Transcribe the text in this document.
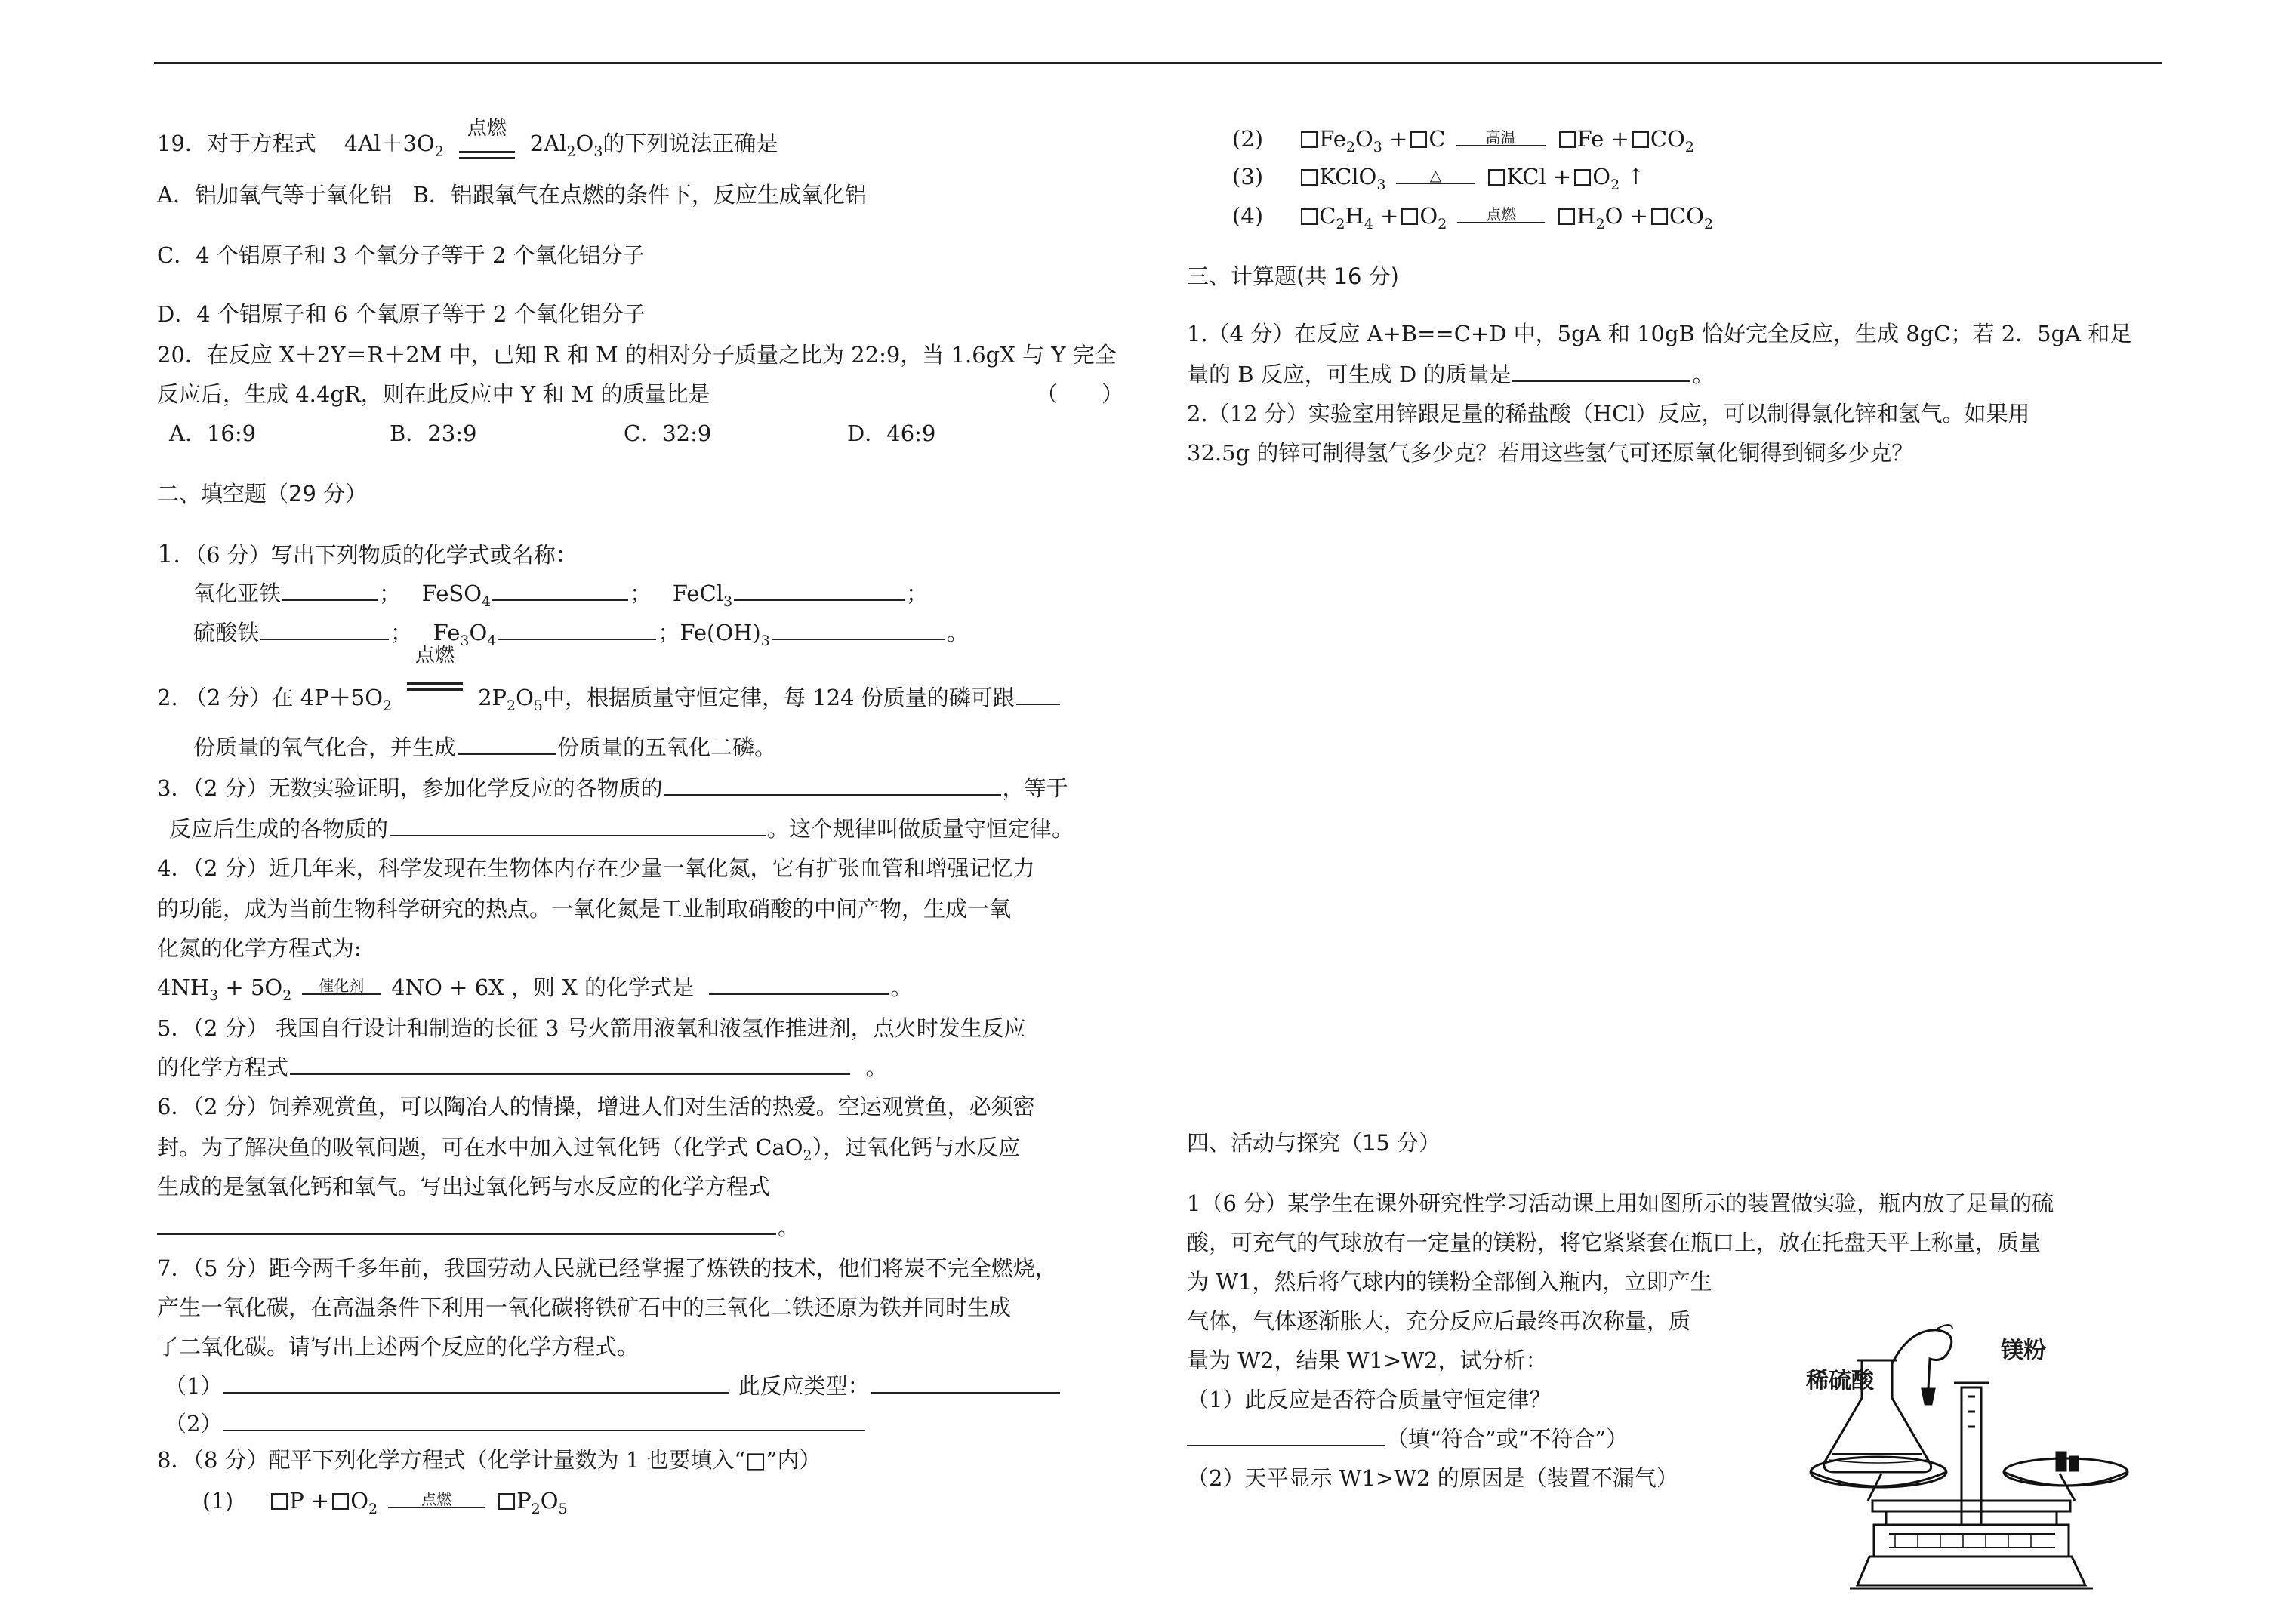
19．对于方程式 $4Al+3O_2$
点燃
$2Al_2O_3$的下列说法正确是
A．铝加氧气等于氧化铝 B．铝跟氧气在点燃的条件下，反应生成氧化铝
C．4 个铝原子和 3 个氧分子等于 2 个氧化铝分子
D．4 个铝原子和 6 个氧原子等于 2 个氧化铝分子
20．在反应 X＋2Y＝R＋2M 中，已知 R 和 M 的相对分子质量之比为 22:9，当 1.6gX 与 Y 完全
反应后，生成 4.4gR，则在此反应中 Y 和 M 的质量比是	（　　）
A．16:9	B．23:9	C．32:9	D．46:9
二、填空题（29 分）
1．（6 分）写出下列物质的化学式或名称：
氧化亚铁	；   FeSO$_4$	；   FeCl$_3$	；
硫酸铁	；   $Fe_3O_4$	；$Fe(OH)_3$	。
2. （2 分）在 $4P+5O_2$
点燃
$2P_2O_5$中，根据质量守恒定律，每 124 份质量的磷可跟
份质量的氧气化合，并生成	份质量的五氧化二磷。
3．（2 分）无数实验证明，参加化学反应的各物质的	，等于
反应后生成的各物质的	。这个规律叫做质量守恒定律。
4．（2 分）近几年来，科学发现在生物体内存在少量一氧化氮，它有扩张血管和增强记忆力
的功能，成为当前生物科学研究的热点。一氧化氮是工业制取硝酸的中间产物，生成一氧
化氮的化学方程式为:
$4NH_3 + 5O_2$
催化剂	4NO + 6X ，则 X 的化学式是	。
5．（2 分） 我国自行设计和制造的长征 3 号火箭用液氧和液氢作推进剂，点火时发生反应
的化学方程式	。
6．（2 分）饲养观赏鱼，可以陶冶人的情操，增进人们对生活的热爱。空运观赏鱼，必须密
封。为了解决鱼的吸氧问题，可在水中加入过氧化钙（化学式 CaO$_2$），过氧化钙与水反应
生成的是氢氧化钙和氧气。写出过氧化钙与水反应的化学方程式
。
7．（5 分）距今两千多年前，我国劳动人民就已经掌握了炼铁的技术，他们将炭不完全燃烧，
产生一氧化碳，在高温条件下利用一氧化碳将铁矿石中的三氧化二铁还原为铁并同时生成
了二氧化碳。请写出上述两个反应的化学方程式。
（1）	此反应类型：
（2）
8．（8 分）配平下列化学方程式（化学计量数为 1 也要填入“□”内）
(1)	$P + O_2$
点燃	$P_2O_5$
(2)	$Fe_2O_3 + C$	高温	$Fe + CO_2$
(3)	KClO$_3$
△	KCl + $O_2$ ↑
(4)	$C_2H_4 + O_2$
点燃	$H_2O + CO_2$
三、计算题(共 16 分)
1.（4 分）在反应 A+B==C+D 中，5gA 和 10gB 恰好完全反应，生成 8gC；若 2．5gA 和足
量的 B 反应，可生成 D 的质量是	。
2.（12 分）实验室用锌跟足量的稀盐酸（HCl）反应，可以制得氯化锌和氢气。如果用
32.5g 的锌可制得氢气多少克？若用这些氢气可还原氧化铜得到铜多少克？
四、活动与探究（15 分）
1（6 分）某学生在课外研究性学习活动课上用如图所示的装置做实验，瓶内放了足量的硫
酸，可充气的气球放有一定量的镁粉，将它紧紧套在瓶口上，放在托盘天平上称量，质量
为 W1，然后将气球内的镁粉全部倒入瓶内，立即产生
气体，气体逐渐胀大，充分反应后最终再次称量，质
量为 W2，结果 W1>W2，试分析：
（1）此反应是否符合质量守恒定律？
（填“符合”或“不符合”）
（2）天平显示 W1>W2 的原因是（装置不漏气）
稀硫酸
镁粉
